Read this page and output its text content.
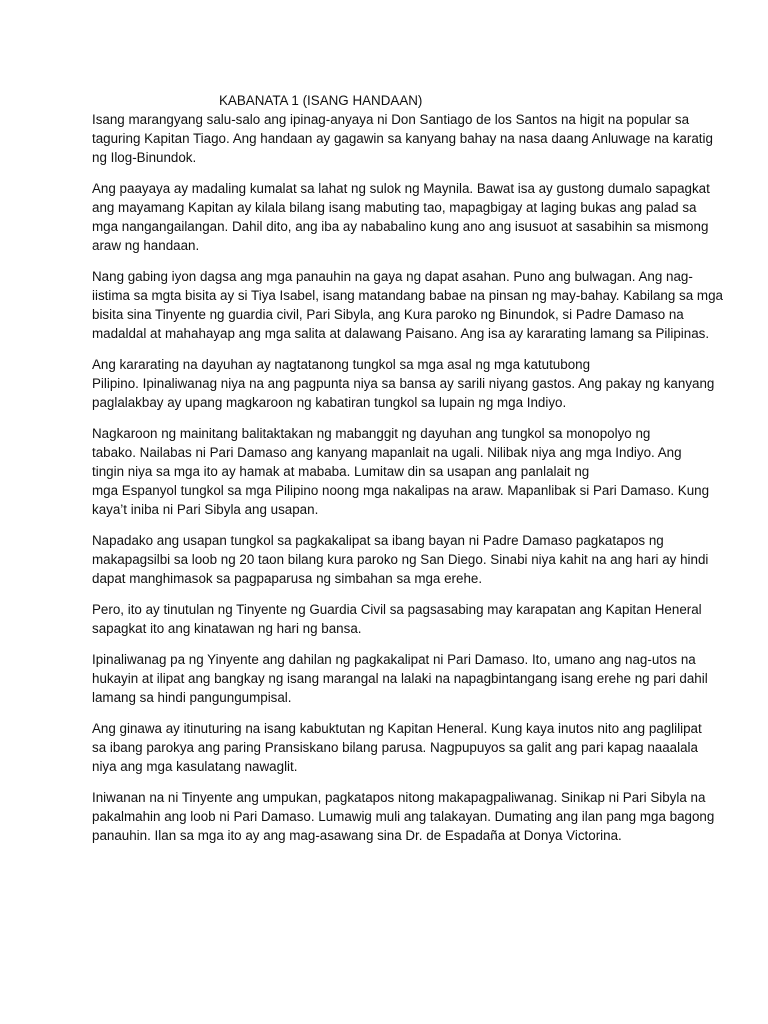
KABANATA 1 (ISANG HANDAAN)
Isang marangyang salu-salo ang ipinag-anyaya ni Don Santiago de los Santos na higit na popular sa
taguring Kapitan Tiago. Ang handaan ay gagawin sa kanyang bahay na nasa daang Anluwage na karatig
ng Ilog-Binundok.
Ang paayaya ay madaling kumalat sa lahat ng sulok ng Maynila. Bawat isa ay gustong dumalo sapagkat
ang mayamang Kapitan ay kilala bilang isang mabuting tao, mapagbigay at laging bukas ang palad sa
mga nangangailangan. Dahil dito, ang iba ay nababalino kung ano ang isusuot at sasabihin sa mismong
araw ng handaan.
Nang gabing iyon dagsa ang mga panauhin na gaya ng dapat asahan. Puno ang bulwagan. Ang nag-
iistima sa mgta bisita ay si Tiya Isabel, isang matandang babae na pinsan ng may-bahay. Kabilang sa mga
bisita sina Tinyente ng guardia civil, Pari Sibyla, ang Kura paroko ng Binundok, si Padre Damaso na
madaldal at mahahayap ang mga salita at dalawang Paisano. Ang isa ay kararating lamang sa Pilipinas.
Ang kararating na dayuhan ay nagtatanong tungkol sa mga asal ng mga katutubong
Pilipino. Ipinaliwanag niya na ang pagpunta niya sa bansa ay sarili niyang gastos. Ang pakay ng kanyang
paglalakbay ay upang magkaroon ng kabatiran tungkol sa lupain ng mga Indiyo.
Nagkaroon ng mainitang balitaktakan ng mabanggit ng dayuhan ang tungkol sa monopolyo ng
tabako. Nailabas ni Pari Damaso ang kanyang mapanlait na ugali. Nilibak niya ang mga Indiyo. Ang
tingin niya sa mga ito ay hamak at mababa. Lumitaw din sa usapan ang panlalait ng
mga Espanyol tungkol sa mga Pilipino noong mga nakalipas na araw. Mapanlibak si Pari Damaso. Kung
kaya’t iniba ni Pari Sibyla ang usapan.
Napadako ang usapan tungkol sa pagkakalipat sa ibang bayan ni Padre Damaso pagkatapos ng
makapagsilbi sa loob ng 20 taon bilang kura paroko ng San Diego. Sinabi niya kahit na ang hari ay hindi
dapat manghimasok sa pagpaparusa ng simbahan sa mga erehe.
Pero, ito ay tinutulan ng Tinyente ng Guardia Civil sa pagsasabing may karapatan ang Kapitan Heneral
sapagkat ito ang kinatawan ng hari ng bansa.
Ipinaliwanag pa ng Yinyente ang dahilan ng pagkakalipat ni Pari Damaso. Ito, umano ang nag-utos na
hukayin at ilipat ang bangkay ng isang marangal na lalaki na napagbintangang isang erehe ng pari dahil
lamang sa hindi pangungumpisal.
Ang ginawa ay itinuturing na isang kabuktutan ng Kapitan Heneral. Kung kaya inutos nito ang paglilipat
sa ibang parokya ang paring Pransiskano bilang parusa. Nagpupuyos sa galit ang pari kapag naaalala
niya ang mga kasulatang nawaglit.
Iniwanan na ni Tinyente ang umpukan, pagkatapos nitong makapagpaliwanag. Sinikap ni Pari Sibyla na
pakalmahin ang loob ni Pari Damaso. Lumawig muli ang talakayan. Dumating ang ilan pang mga bagong
panauhin. Ilan sa mga ito ay ang mag-asawang sina Dr. de Espadaña at Donya Victorina.
